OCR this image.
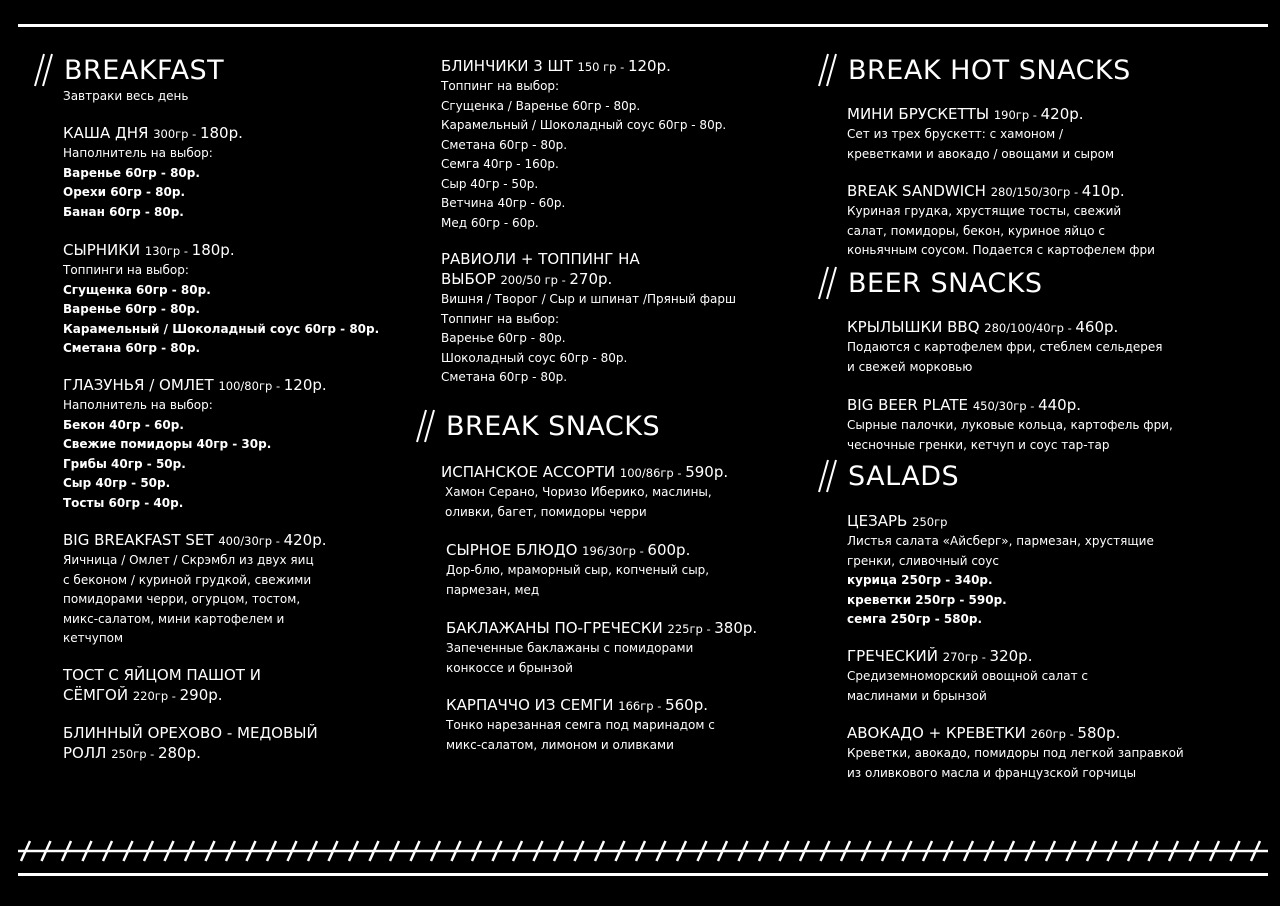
BREAKFAST
Завтраки весь день
КАША ДНЯ 300гр - 180р.
Наполнитель на выбор:
Варенье 60гр - 80р.
Орехи 60гр - 80р.
Банан 60гр - 80р.
СЫРНИКИ 130гр - 180р.
Топпинги на выбор:
Сгущенка 60гр - 80р.
Варенье 60гр - 80р.
Карамельный / Шоколадный соус 60гр - 80р.
Сметана 60гр - 80р.
ГЛАЗУНЬЯ / ОМЛЕТ 100/80гр - 120р.
Наполнитель на выбор:
Бекон 40гр - 60р.
Свежие помидоры 40гр - 30р.
Грибы 40гр - 50р.
Сыр 40гр - 50р.
Тосты 60гр - 40р.
BIG BREAKFAST SET 400/30гр - 420р.
Яичница / Омлет / Скрэмбл из двух яиц
с беконом / куриной грудкой, свежими
помидорами черри, огурцом, тостом,
микс-салатом, мини картофелем и
кетчупом
ТОСТ С ЯЙЦОМ ПАШОТ И
СЁМГОЙ 220гр - 290р.
БЛИННЫЙ ОРЕХОВО - МЕДОВЫЙ
РОЛЛ 250гр - 280р.
БЛИНЧИКИ 3 ШТ 150 гр - 120р.
Топпинг на выбор:
Сгущенка / Варенье 60гр - 80р.
Карамельный / Шоколадный соус 60гр - 80р.
Сметана 60гр - 80р.
Семга 40гр - 160р.
Сыр 40гр - 50р.
Ветчина 40гр - 60р.
Мед 60гр - 60р.
РАВИОЛИ + ТОППИНГ НА
ВЫБОР 200/50 гр - 270р.
Вишня / Творог / Сыр и шпинат /Пряный фарш
Топпинг на выбор:
Варенье 60гр - 80р.
Шоколадный соус 60гр - 80р.
Сметана 60гр - 80р.
BREAK SNACKS
ИСПАНСКОЕ АССОРТИ 100/86гр - 590р.
Хамон Серано, Чоризо Иберико, маслины,
оливки, багет, помидоры черри
СЫРНОЕ БЛЮДО 196/30гр - 600р.
Дор-блю, мраморный сыр, копченый сыр,
пармезан, мед
БАКЛАЖАНЫ ПО-ГРЕЧЕСКИ 225гр - 380р.
Запеченные баклажаны с помидорами
конкоссе и брынзой
КАРПАЧЧО ИЗ СЕМГИ 166гр - 560р.
Тонко нарезанная семга под маринадом с
микс-салатом, лимоном и оливками
BREAK HOT SNACKS
МИНИ БРУСКЕТТЫ 190гр - 420р.
Сет из трех брускетт: с хамоном /
креветками и авокадо / овощами и сыром
BREAK SANDWICH 280/150/30гр - 410р.
Куриная грудка, хрустящие тосты, свежий
салат, помидоры, бекон, куриное яйцо с
коньячным соусом. Подается с картофелем фри
BEER SNACKS
КРЫЛЫШКИ BBQ 280/100/40гр - 460р.
Подаются с картофелем фри, стеблем сельдерея
и свежей морковью
BIG BEER PLATE 450/30гр - 440р.
Сырные палочки, луковые кольца, картофель фри,
чесночные гренки, кетчуп и соус тар-тар
SALADS
ЦЕЗАРЬ 250гр
Листья салата «Айсберг», пармезан, хрустящие
гренки, сливочный соус
курица 250гр - 340р.
креветки 250гр - 590р.
семга 250гр - 580р.
ГРЕЧЕСКИЙ 270гр - 320р.
Средиземноморский овощной салат с
маслинами и брынзой
АВОКАДО + КРЕВЕТКИ 260гр - 580р.
Креветки, авокадо, помидоры под легкой заправкой
из оливкового масла и французской горчицы
